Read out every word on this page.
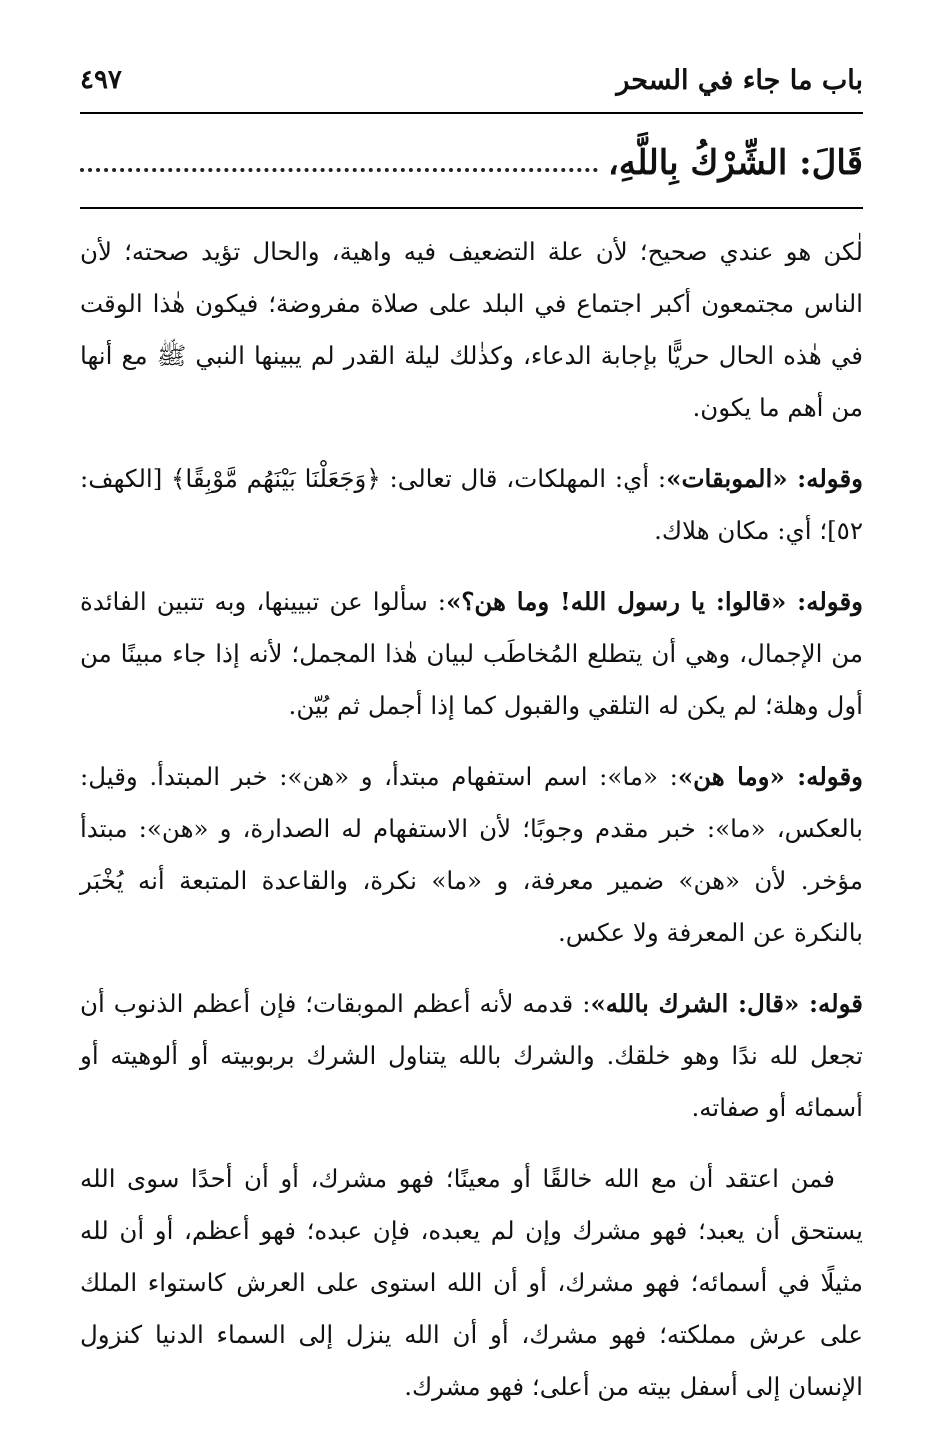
باب ما جاء في السحر
٤٩٧
قَالَ: الشِّرْكُ بِاللَّهِ،

لٰكن هو عندي صحيح؛ لأن علة التضعيف فيه واهية، والحال تؤيد صحته؛ لأن الناس مجتمعون أكبر اجتماع في البلد على صلاة مفروضة؛ فيكون هٰذا الوقت في هٰذه الحال حريًّا بإجابة الدعاء، وكذٰلك ليلة القدر لم يبينها النبي ﷺ مع أنها من أهم ما يكون.

وقوله: «الموبقات»: أي: المهلكات، قال تعالى: ﴿وَجَعَلْنَا بَيْنَهُم مَّوْبِقًا﴾ [الكهف: ٥٢]؛ أي: مكان هلاك.

وقوله: «قالوا: يا رسول الله! وما هن؟»: سألوا عن تبيينها، وبه تتبين الفائدة من الإجمال، وهي أن يتطلع المُخاطَب لبيان هٰذا المجمل؛ لأنه إذا جاء مبينًا من أول وهلة؛ لم يكن له التلقي والقبول كما إذا أجمل ثم بُيّن.

وقوله: «وما هن»: «ما»: اسم استفهام مبتدأ، و «هن»: خبر المبتدأ. وقيل: بالعكس، «ما»: خبر مقدم وجوبًا؛ لأن الاستفهام له الصدارة، و «هن»: مبتدأ مؤخر. لأن «هن» ضمير معرفة، و «ما» نكرة، والقاعدة المتبعة أنه يُخْبَر بالنكرة عن المعرفة ولا عكس.

قوله: «قال: الشرك بالله»: قدمه لأنه أعظم الموبقات؛ فإن أعظم الذنوب أن تجعل لله ندًا وهو خلقك. والشرك بالله يتناول الشرك بربوبيته أو ألوهيته أو أسمائه أو صفاته.

فمن اعتقد أن مع الله خالقًا أو معينًا؛ فهو مشرك، أو أن أحدًا سوى الله يستحق أن يعبد؛ فهو مشرك وإن لم يعبده، فإن عبده؛ فهو أعظم، أو أن لله مثيلًا في أسمائه؛ فهو مشرك، أو أن الله استوى على العرش كاستواء الملك على عرش مملكته؛ فهو مشرك، أو أن الله ينزل إلى السماء الدنيا كنزول الإنسان إلى أسفل بيته من أعلى؛ فهو مشرك.
